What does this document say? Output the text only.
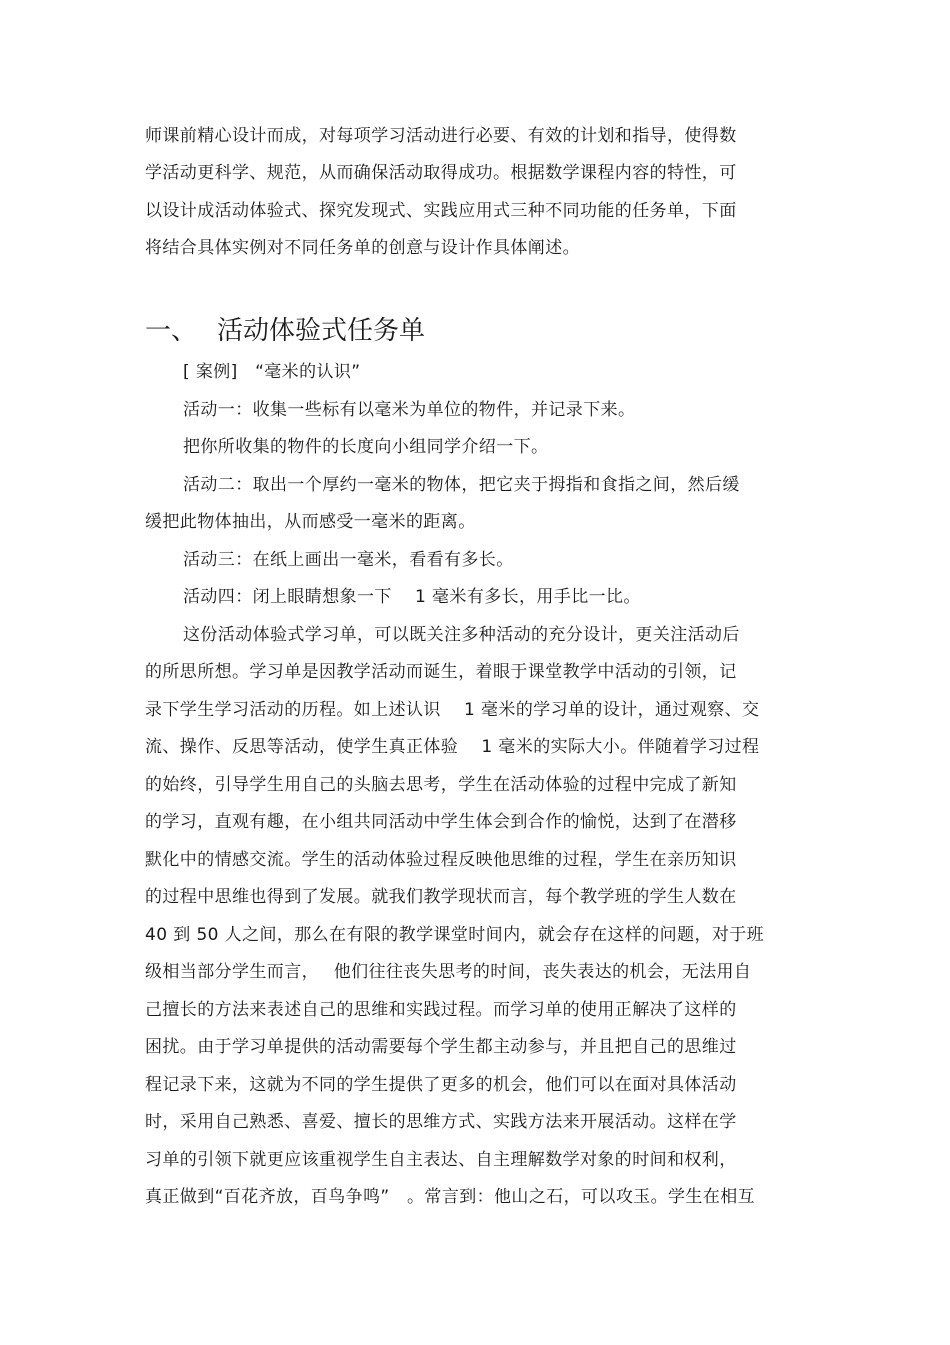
师课前精心设计而成，对每项学习活动进行必要、有效的计划和指导，使得数
学活动更科学、规范，从而确保活动取得成功。根据数学课程内容的特性，可
以设计成活动体验式、探究发现式、实践应用式三种不同功能的任务单，下面
将结合具体实例对不同任务单的创意与设计作具体阐述。
一、 活动体验式任务单
[ 案例]　“毫米的认识”
活动一：收集一些标有以毫米为单位的物件，并记录下来。
把你所收集的物件的长度向小组同学介绍一下。
活动二：取出一个厚约一毫米的物体，把它夹于拇指和食指之间，然后缓
缓把此物体抽出，从而感受一毫米的距离。
活动三：在纸上画出一毫米，看看有多长。
活动四：闭上眼睛想象一下　 1 毫米有多长，用手比一比。
这份活动体验式学习单，可以既关注多种活动的充分设计，更关注活动后
的所思所想。学习单是因教学活动而诞生，着眼于课堂教学中活动的引领，记
录下学生学习活动的历程。如上述认识　 1 毫米的学习单的设计，通过观察、交
流、操作、反思等活动，使学生真正体验　 1 毫米的实际大小。伴随着学习过程
的始终，引导学生用自己的头脑去思考，学生在活动体验的过程中完成了新知
的学习，直观有趣，在小组共同活动中学生体会到合作的愉悦，达到了在潜移
默化中的情感交流。学生的活动体验过程反映他思维的过程，学生在亲历知识
的过程中思维也得到了发展。就我们教学现状而言，每个教学班的学生人数在
40 到 50 人之间，那么在有限的教学课堂时间内，就会存在这样的问题，对于班
级相当部分学生而言，　 他们往往丧失思考的时间，丧失表达的机会，无法用自
己擅长的方法来表述自己的思维和实践过程。而学习单的使用正解决了这样的
困扰。由于学习单提供的活动需要每个学生都主动参与，并且把自己的思维过
程记录下来，这就为不同的学生提供了更多的机会，他们可以在面对具体活动
时，采用自己熟悉、喜爱、擅长的思维方式、实践方法来开展活动。这样在学
习单的引领下就更应该重视学生自主表达、自主理解数学对象的时间和权利，
真正做到“百花齐放，百鸟争鸣”　。常言到：他山之石，可以攻玉。学生在相互
